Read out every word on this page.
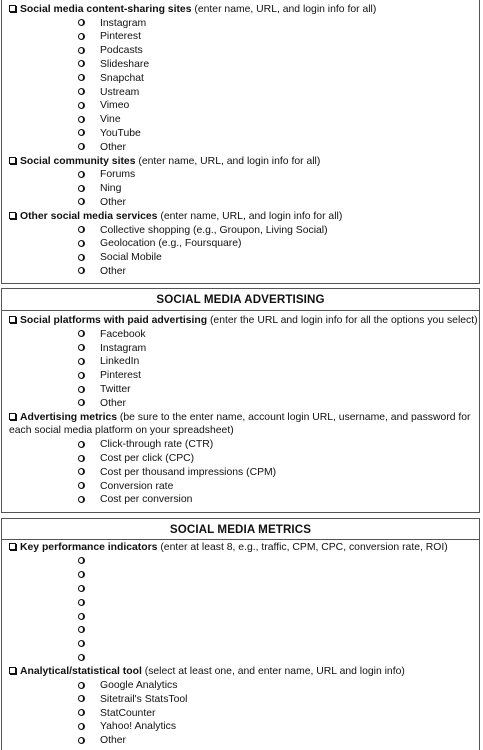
Social media content-sharing sites (enter name, URL, and login info for all)
Instagram
Pinterest
Podcasts
Slideshare
Snapchat
Ustream
Vimeo
Vine
YouTube
Other
Social community sites (enter name, URL, and login info for all)
Forums
Ning
Other
Other social media services (enter name, URL, and login info for all)
Collective shopping (e.g., Groupon, Living Social)
Geolocation (e.g., Foursquare)
Social Mobile
Other
SOCIAL MEDIA ADVERTISING
Social platforms with paid advertising (enter the URL and login info for all the options you select)
Facebook
Instagram
LinkedIn
Pinterest
Twitter
Other
Advertising metrics (be sure to the enter name, account login URL, username, and password for each social media platform on your spreadsheet)
Click-through rate (CTR)
Cost per click (CPC)
Cost per thousand impressions (CPM)
Conversion rate
Cost per conversion
SOCIAL MEDIA METRICS
Key performance indicators (enter at least 8, e.g., traffic, CPM, CPC, conversion rate, ROI)
Analytical/statistical tool (select at least one, and enter name, URL and login info)
Google Analytics
Sitetrail's StatsTool
StatCounter
Yahoo! Analytics
Other
